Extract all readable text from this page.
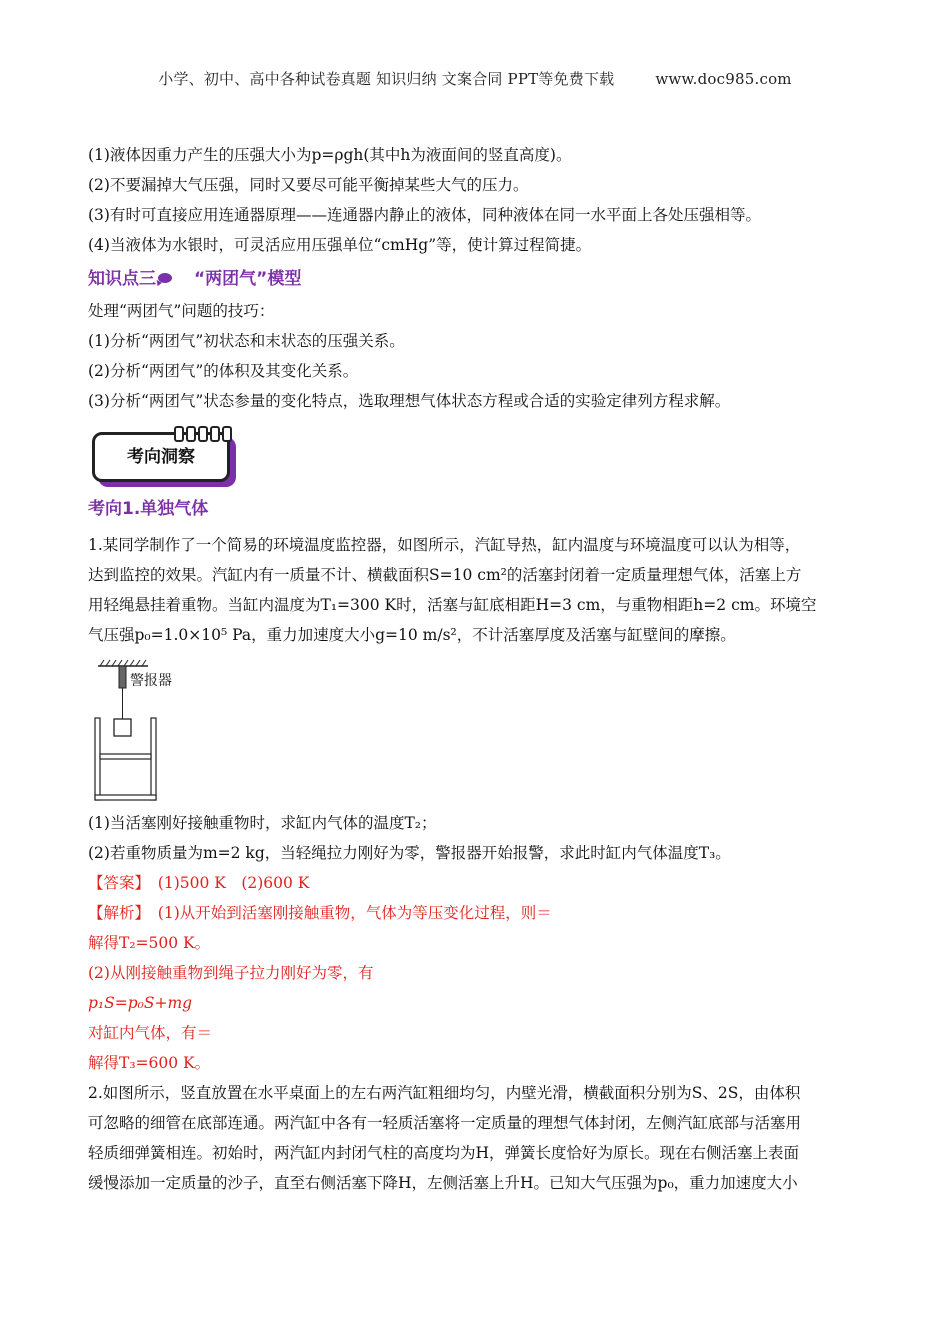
小学、初中、高中各种试卷真题 知识归纳 文案合同 PPT等免费下载	www.doc985.com
(1)液体因重力产生的压强大小为p=ρgh(其中h为液面间的竖直高度)。
(2)不要漏掉大气压强，同时又要尽可能平衡掉某些大气的压力。
(3)有时可直接应用连通器原理——连通器内静止的液体，同种液体在同一水平面上各处压强相等。
(4)当液体为水银时，可灵活应用压强单位“cmHg”等，使计算过程简捷。
知识点三 “两团气”模型
处理“两团气”问题的技巧：
(1)分析“两团气”初状态和末状态的压强关系。
(2)分析“两团气”的体积及其变化关系。
(3)分析“两团气”状态参量的变化特点，选取理想气体状态方程或合适的实验定律列方程求解。
考向洞察
考向1.单独气体
1.某同学制作了一个简易的环境温度监控器，如图所示，汽缸导热，缸内温度与环境温度可以认为相等，
达到监控的效果。汽缸内有一质量不计、横截面积S=10 cm²的活塞封闭着一定质量理想气体，活塞上方
用轻绳悬挂着重物。当缸内温度为T₁=300 K时，活塞与缸底相距H=3 cm，与重物相距h=2 cm。环境空
气压强p₀=1.0×10⁵ Pa，重力加速度大小g=10 m/s²，不计活塞厚度及活塞与缸壁间的摩擦。
警报器
(1)当活塞刚好接触重物时，求缸内气体的温度T₂；
(2)若重物质量为m=2 kg，当轻绳拉力刚好为零，警报器开始报警，求此时缸内气体温度T₃。
【答案】　 (1)500 K　(2)600 K
【解析】　 (1)从开始到活塞刚接触重物，气体为等压变化过程，则＝
解得T₂=500 K。
(2)从刚接触重物到绳子拉力刚好为零，有
p₁S=p₀S+mg
对缸内气体，有＝
解得T₃=600 K。
2.如图所示，竖直放置在水平桌面上的左右两汽缸粗细均匀，内壁光滑，横截面积分别为S、2S，由体积
可忽略的细管在底部连通。两汽缸中各有一轻质活塞将一定质量的理想气体封闭，左侧汽缸底部与活塞用
轻质细弹簧相连。初始时，两汽缸内封闭气柱的高度均为H，弹簧长度恰好为原长。现在右侧活塞上表面
缓慢添加一定质量的沙子，直至右侧活塞下降H，左侧活塞上升H。已知大气压强为p₀，重力加速度大小
